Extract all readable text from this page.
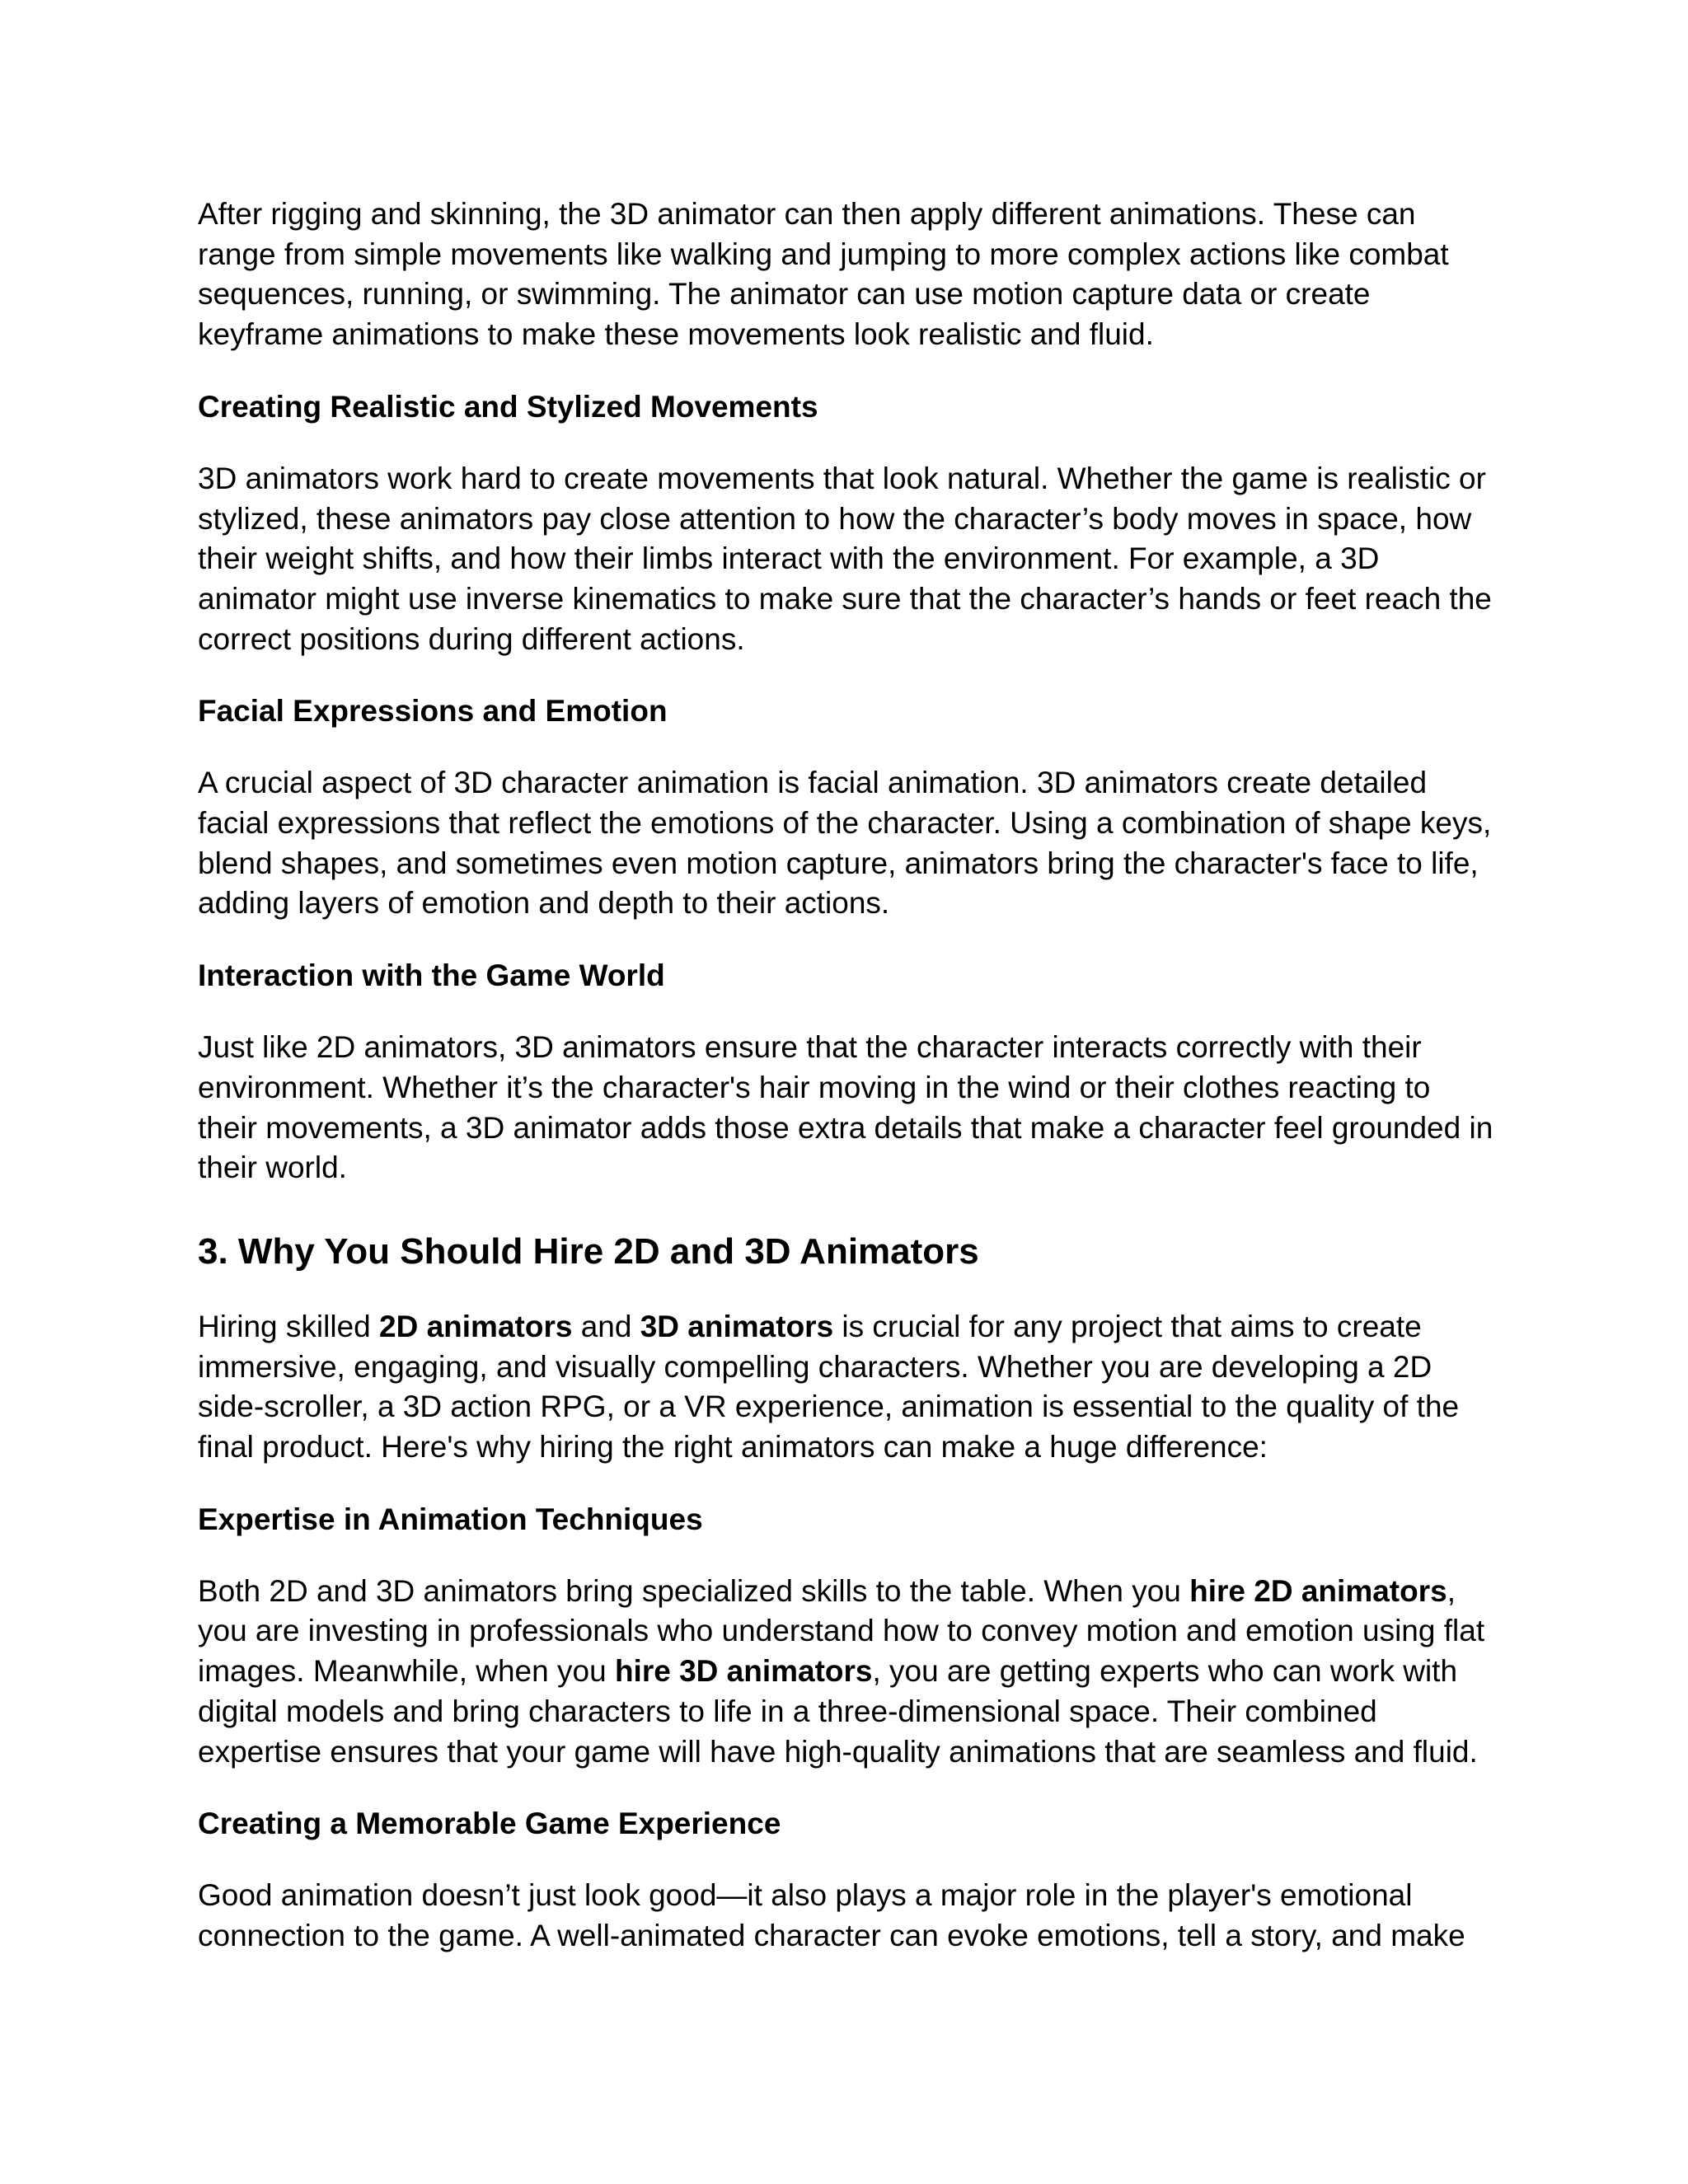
After rigging and skinning, the 3D animator can then apply different animations. These can
range from simple movements like walking and jumping to more complex actions like combat
sequences, running, or swimming. The animator can use motion capture data or create
keyframe animations to make these movements look realistic and fluid.

Creating Realistic and Stylized Movements

3D animators work hard to create movements that look natural. Whether the game is realistic or
stylized, these animators pay close attention to how the character’s body moves in space, how
their weight shifts, and how their limbs interact with the environment. For example, a 3D
animator might use inverse kinematics to make sure that the character’s hands or feet reach the
correct positions during different actions.

Facial Expressions and Emotion

A crucial aspect of 3D character animation is facial animation. 3D animators create detailed
facial expressions that reflect the emotions of the character. Using a combination of shape keys,
blend shapes, and sometimes even motion capture, animators bring the character's face to life,
adding layers of emotion and depth to their actions.

Interaction with the Game World

Just like 2D animators, 3D animators ensure that the character interacts correctly with their
environment. Whether it’s the character's hair moving in the wind or their clothes reacting to
their movements, a 3D animator adds those extra details that make a character feel grounded in
their world.

3. Why You Should Hire 2D and 3D Animators

Hiring skilled 2D animators and 3D animators is crucial for any project that aims to create
immersive, engaging, and visually compelling characters. Whether you are developing a 2D
side-scroller, a 3D action RPG, or a VR experience, animation is essential to the quality of the
final product. Here's why hiring the right animators can make a huge difference:

Expertise in Animation Techniques

Both 2D and 3D animators bring specialized skills to the table. When you hire 2D animators,
you are investing in professionals who understand how to convey motion and emotion using flat
images. Meanwhile, when you hire 3D animators, you are getting experts who can work with
digital models and bring characters to life in a three-dimensional space. Their combined
expertise ensures that your game will have high-quality animations that are seamless and fluid.

Creating a Memorable Game Experience

Good animation doesn’t just look good—it also plays a major role in the player's emotional
connection to the game. A well-animated character can evoke emotions, tell a story, and make
